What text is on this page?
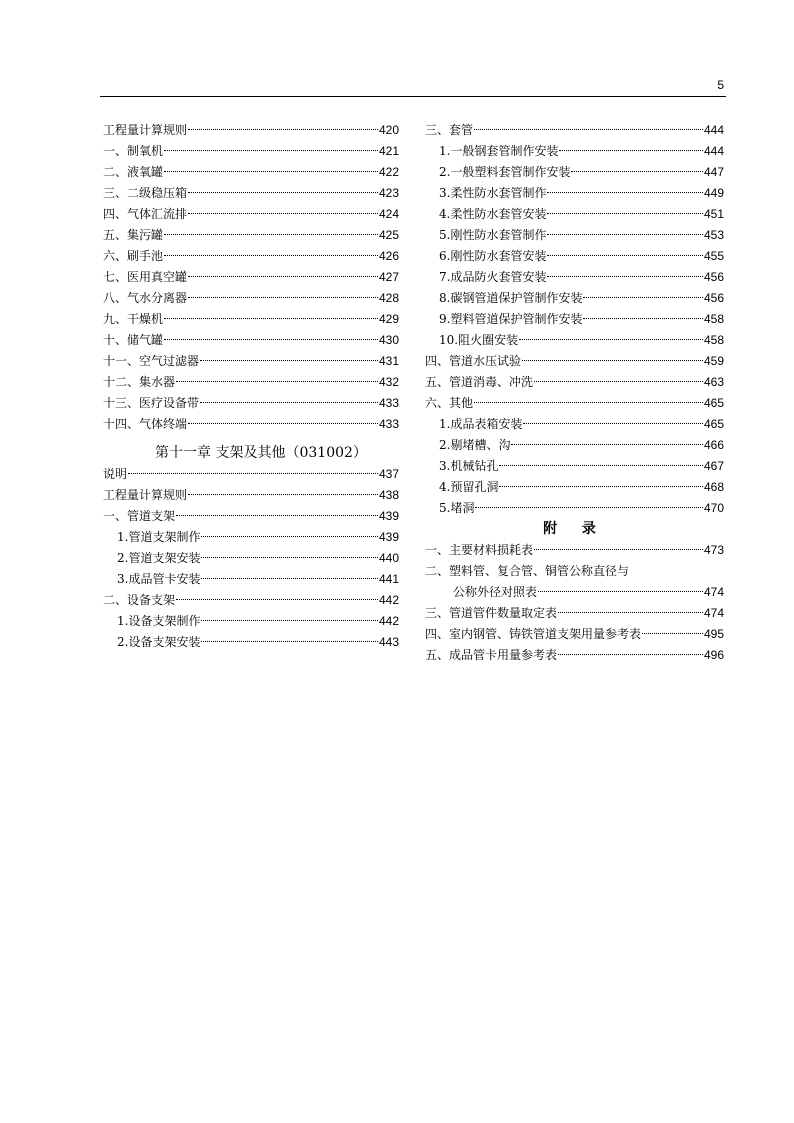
5
工程量计算规则	420
一、制氧机	421
二、液氧罐	422
三、二级稳压箱	423
四、气体汇流排	424
五、集污罐	425
六、刷手池	426
七、医用真空罐	427
八、气水分离器	428
九、干燥机	429
十、储气罐	430
十一、空气过滤器	431
十二、集水器	432
十三、医疗设备带	433
十四、气体终端	433
第十一章 支架及其他（031002）
说明	437
工程量计算规则	438
一、管道支架	439
1.管道支架制作	439
2.管道支架安装	440
3.成品管卡安装	441
二、设备支架	442
1.设备支架制作	442
2.设备支架安装	443
三、套管	444
1.一般钢套管制作安装	444
2.一般塑料套管制作安装	447
3.柔性防水套管制作	449
4.柔性防水套管安装	451
5.刚性防水套管制作	453
6.刚性防水套管安装	455
7.成品防火套管安装	456
8.碳钢管道保护管制作安装	456
9.塑料管道保护管制作安装	458
10.阻火圈安装	458
四、管道水压试验	459
五、管道消毒、冲洗	463
六、其他	465
1.成品表箱安装	465
2.剔堵槽、沟	466
3.机械钻孔	467
4.预留孔洞	468
5.堵洞	470
附 录
一、主要材料损耗表	473
二、塑料管、复合管、铜管公称直径与
公称外径对照表	474
三、管道管件数量取定表	474
四、室内钢管、铸铁管道支架用量参考表	495
五、成品管卡用量参考表	496
